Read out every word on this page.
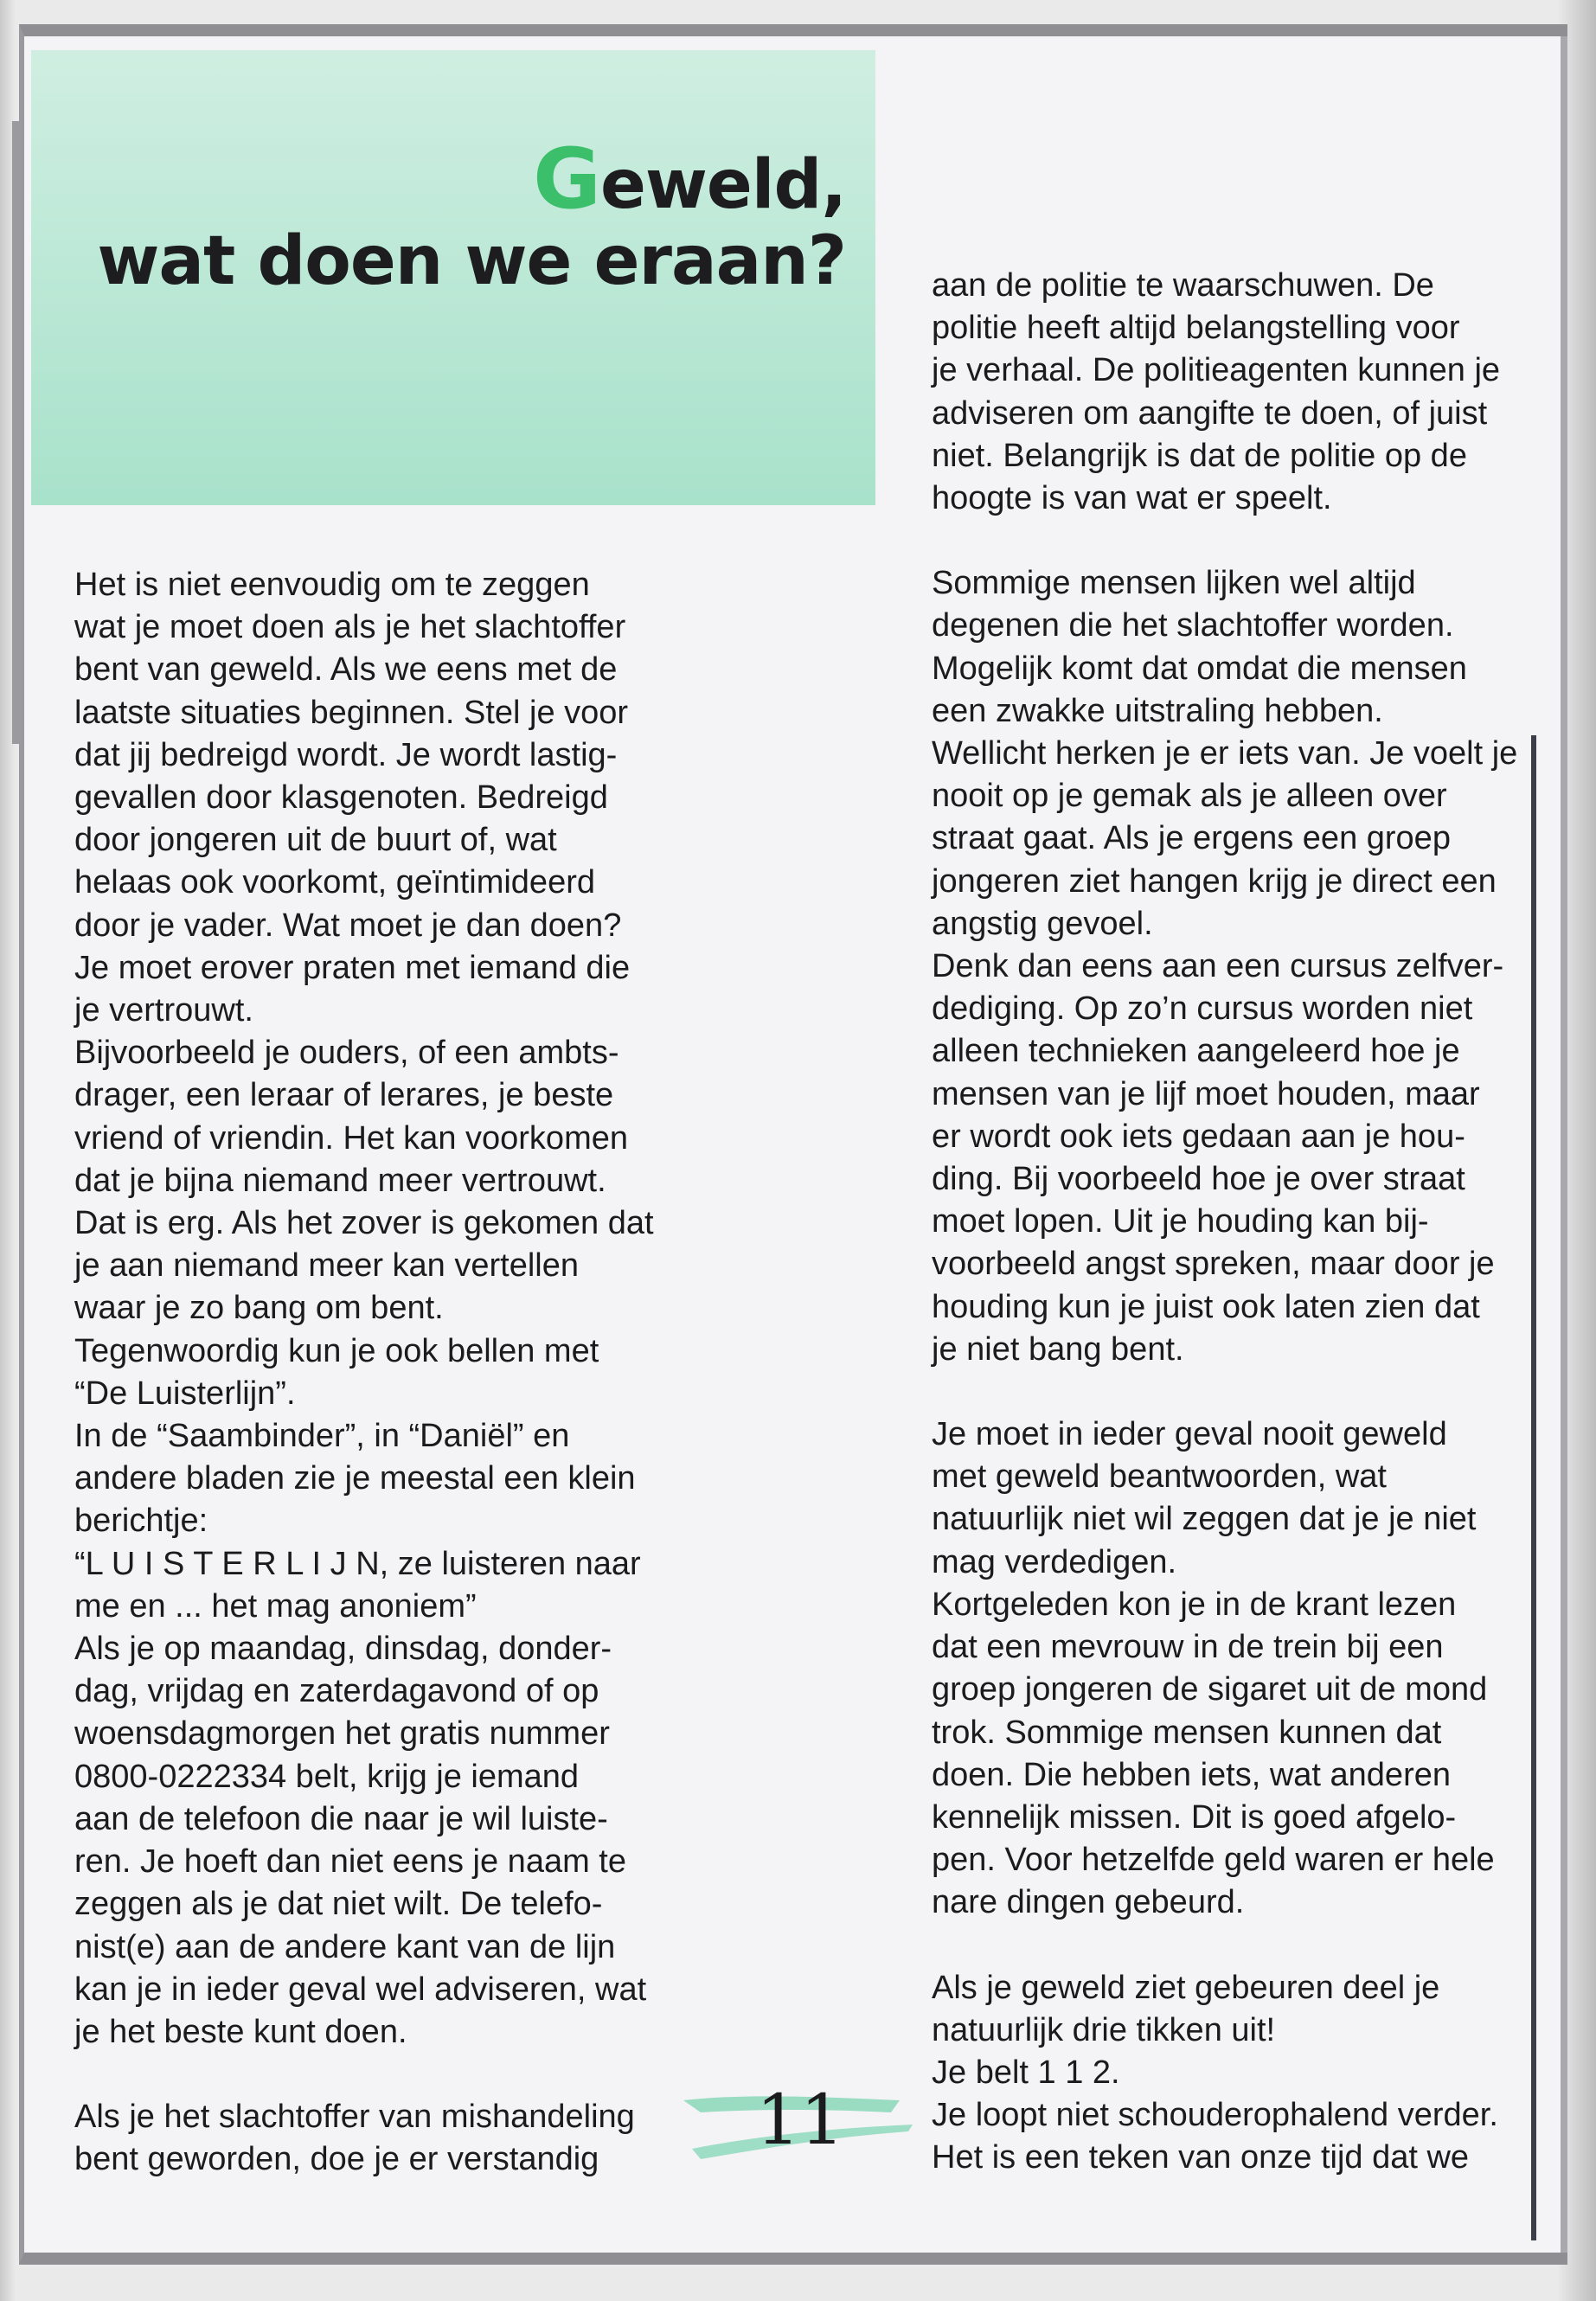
Geweld,
wat doen we eraan?

Het is niet eenvoudig om te zeggen

wat je moet doen als je het slachtoffer

bent van geweld. Als we eens met de

laatste situaties beginnen. Stel je voor

dat jij bedreigd wordt. Je wordt lastig-

gevallen door klasgenoten. Bedreigd

door jongeren uit de buurt of, wat

helaas ook voorkomt, geïntimideerd

door je vader. Wat moet je dan doen?

Je moet erover praten met iemand die

je vertrouwt.

Bijvoorbeeld je ouders, of een ambts-

drager, een leraar of lerares, je beste

vriend of vriendin. Het kan voorkomen

dat je bijna niemand meer vertrouwt.

Dat is erg. Als het zover is gekomen dat

je aan niemand meer kan vertellen

waar je zo bang om bent.

Tegenwoordig kun je ook bellen met

“De Luisterlijn”.

In de “Saambinder”, in “Daniël” en

andere bladen zie je meestal een klein

berichtje:

“L U I S T E R L I J N, ze luisteren naar

me en ... het mag anoniem”

Als je op maandag, dinsdag, donder-

dag, vrijdag en zaterdagavond of op

woensdagmorgen het gratis nummer

0800-0222334 belt, krijg je iemand

aan de telefoon die naar je wil luiste-

ren. Je hoeft dan niet eens je naam te

zeggen als je dat niet wilt. De telefo-

nist(e) aan de andere kant van de lijn

kan je in ieder geval wel adviseren, wat

je het beste kunt doen.

Als je het slachtoffer van mishandeling

bent geworden, doe je er verstandig

aan de politie te waarschuwen. De

politie heeft altijd belangstelling voor

je verhaal. De politieagenten kunnen je

adviseren om aangifte te doen, of juist

niet. Belangrijk is dat de politie op de

hoogte is van wat er speelt.

Sommige mensen lijken wel altijd

degenen die het slachtoffer worden.

Mogelijk komt dat omdat die mensen

een zwakke uitstraling hebben.

Wellicht herken je er iets van. Je voelt je

nooit op je gemak als je alleen over

straat gaat. Als je ergens een groep

jongeren ziet hangen krijg je direct een

angstig gevoel.

Denk dan eens aan een cursus zelfver-

dediging. Op zo’n cursus worden niet

alleen technieken aangeleerd hoe je

mensen van je lijf moet houden, maar

er wordt ook iets gedaan aan je hou-

ding. Bij voorbeeld hoe je over straat

moet lopen. Uit je houding kan bij-

voorbeeld angst spreken, maar door je

houding kun je juist ook laten zien dat

je niet bang bent.

Je moet in ieder geval nooit geweld

met geweld beantwoorden, wat

natuurlijk niet wil zeggen dat je je niet

mag verdedigen.

Kortgeleden kon je in de krant lezen

dat een mevrouw in de trein bij een

groep jongeren de sigaret uit de mond

trok. Sommige mensen kunnen dat

doen. Die hebben iets, wat anderen

kennelijk missen. Dit is goed afgelo-

pen. Voor hetzelfde geld waren er hele

nare dingen gebeurd.

Als je geweld ziet gebeuren deel je

natuurlijk drie tikken uit!

Je belt 1 1 2.

Je loopt niet schouderophalend verder.

Het is een teken van onze tijd dat we

11
